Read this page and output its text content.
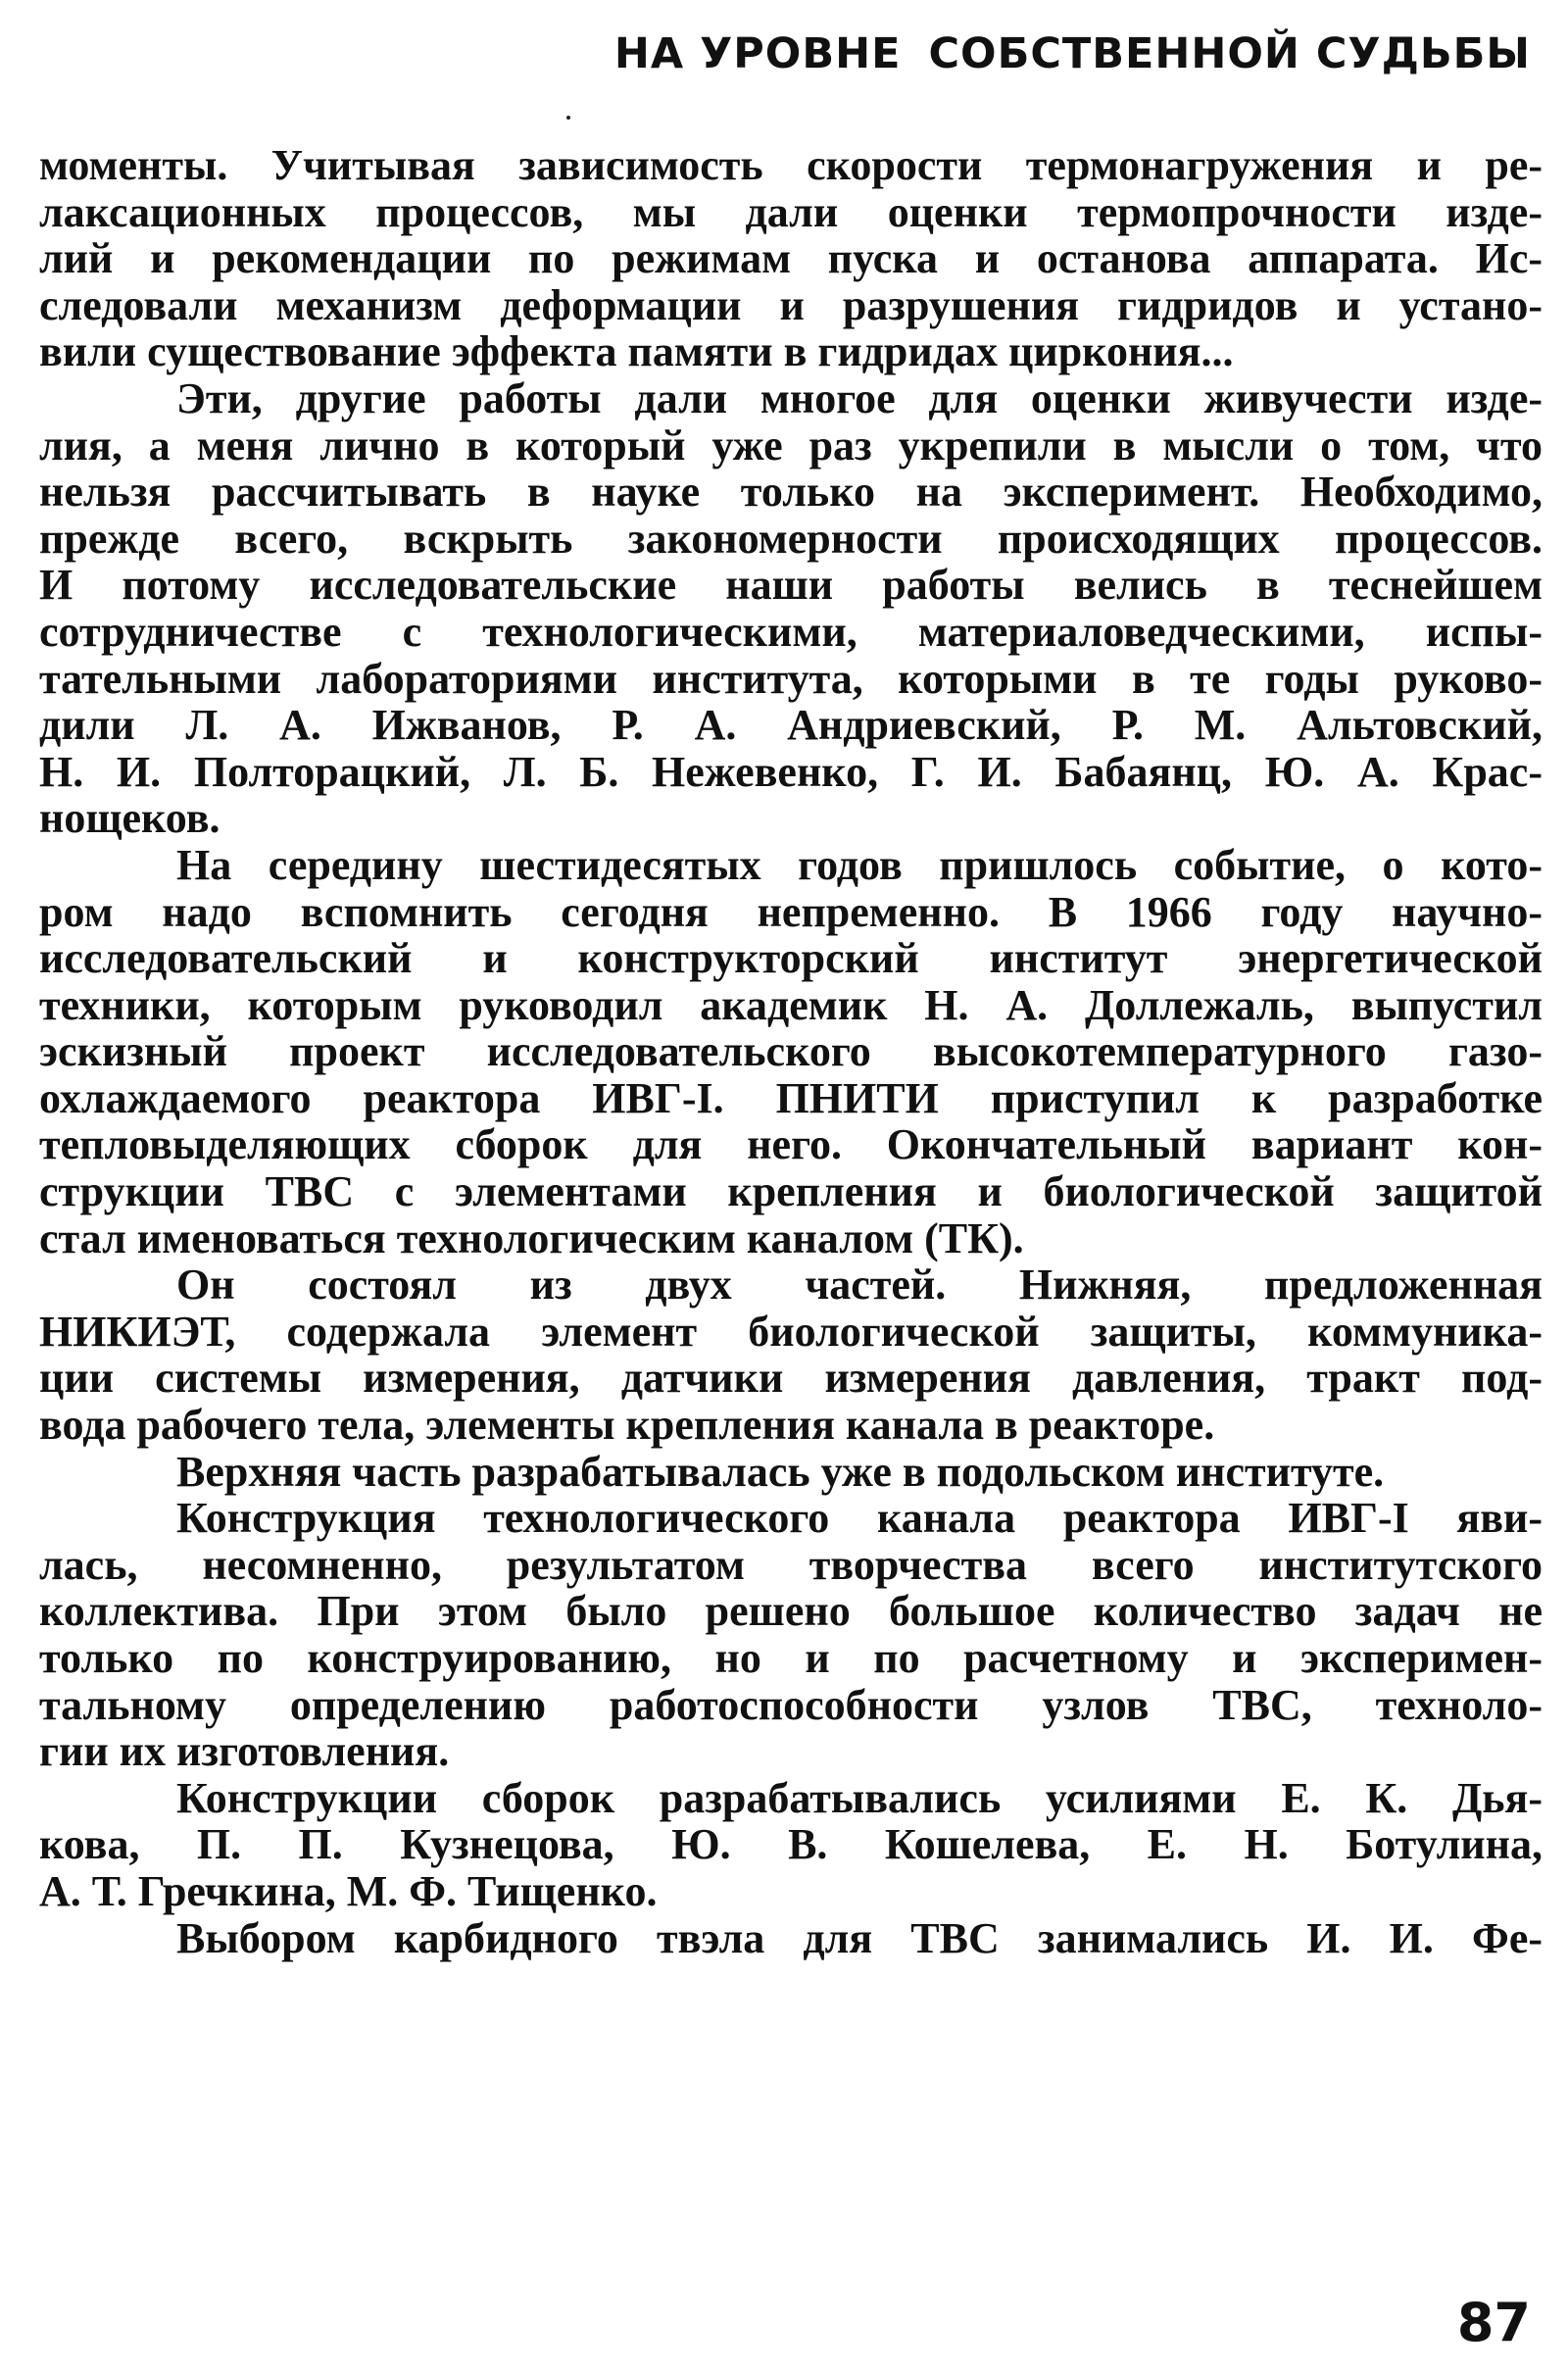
НА УРОВНЕ СОБСТВЕННОЙ СУДЬБЫ
моменты. Учитывая зависимость скорости термонагружения и ре-
лаксационных процессов, мы дали оценки термопрочности изде-
лий и рекомендации по режимам пуска и останова аппарата. Ис-
следовали механизм деформации и разрушения гидридов и устано-
вили существование эффекта памяти в гидридах циркония...
Эти, другие работы дали многое для оценки живучести изде-
лия, а меня лично в который уже раз укрепили в мысли о том, что
нельзя рассчитывать в науке только на эксперимент. Необходимо,
прежде всего, вскрыть закономерности происходящих процессов.
И потому исследовательские наши работы велись в теснейшем
сотрудничестве с технологическими, материаловедческими, испы-
тательными лабораториями института, которыми в те годы руково-
дили Л. А. Ижванов, Р. А. Андриевский, Р. М. Альтовский,
Н. И. Полторацкий, Л. Б. Нежевенко, Г. И. Бабаянц, Ю. А. Крас-
нощеков.
На середину шестидесятых годов пришлось событие, о кото-
ром надо вспомнить сегодня непременно. В 1966 году научно-
исследовательский и конструкторский институт энергетической
техники, которым руководил академик Н. А. Доллежаль, выпустил
эскизный проект исследовательского высокотемпературного газо-
охлаждаемого реактора ИВГ-I. ПНИТИ приступил к разработке
тепловыделяющих сборок для него. Окончательный вариант кон-
струкции ТВС с элементами крепления и биологической защитой
стал именоваться технологическим каналом (ТК).
Он состоял из двух частей. Нижняя, предложенная
НИКИЭТ, содержала элемент биологической защиты, коммуника-
ции системы измерения, датчики измерения давления, тракт под-
вода рабочего тела, элементы крепления канала в реакторе.
Верхняя часть разрабатывалась уже в подольском институте.
Конструкция технологического канала реактора ИВГ-I яви-
лась, несомненно, результатом творчества всего институтского
коллектива. При этом было решено большое количество задач не
только по конструированию, но и по расчетному и эксперимен-
тальному определению работоспособности узлов ТВС, техноло-
гии их изготовления.
Конструкции сборок разрабатывались усилиями Е. К. Дья-
кова, П. П. Кузнецова, Ю. В. Кошелева, Е. Н. Ботулина,
А. Т. Гречкина, М. Ф. Тищенко.
Выбором карбидного твэла для ТВС занимались И. И. Фе-
87
